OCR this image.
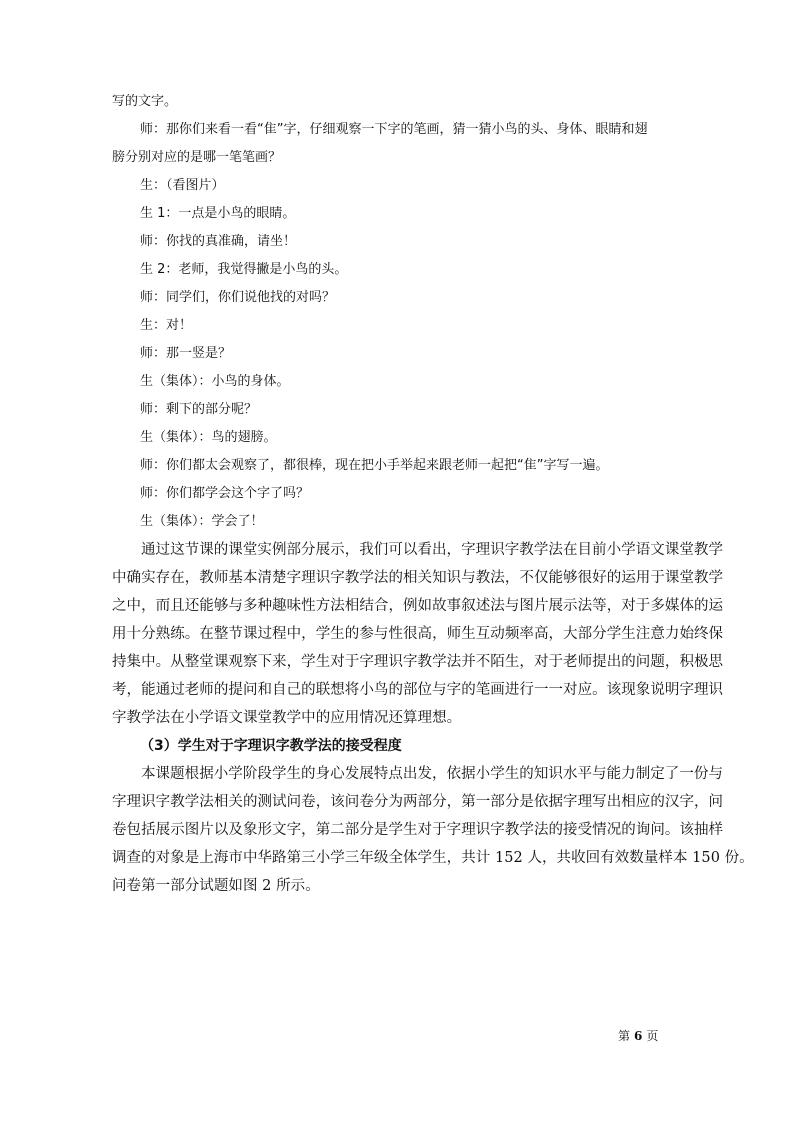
写的文字。
师：那你们来看一看“隹”字，仔细观察一下字的笔画，猜一猜小鸟的头、身体、眼睛和翅
膀分别对应的是哪一笔笔画？
生：（看图片）
生 1：一点是小鸟的眼睛。
师：你找的真准确，请坐！
生 2：老师，我觉得撇是小鸟的头。
师：同学们，你们说他找的对吗？
生：对！
师：那一竖是？
生（集体）：小鸟的身体。
师：剩下的部分呢？
生（集体）：鸟的翅膀。
师：你们都太会观察了，都很棒，现在把小手举起来跟老师一起把“隹”字写一遍。
师：你们都学会这个字了吗？
生（集体）：学会了！
通过这节课的课堂实例部分展示，我们可以看出，字理识字教学法在目前小学语文课堂教学
中确实存在，教师基本清楚字理识字教学法的相关知识与教法，不仅能够很好的运用于课堂教学
之中，而且还能够与多种趣味性方法相结合，例如故事叙述法与图片展示法等，对于多媒体的运
用十分熟练。在整节课过程中，学生的参与性很高，师生互动频率高，大部分学生注意力始终保
持集中。从整堂课观察下来，学生对于字理识字教学法并不陌生，对于老师提出的问题，积极思
考，能通过老师的提问和自己的联想将小鸟的部位与字的笔画进行一一对应。该现象说明字理识
字教学法在小学语文课堂教学中的应用情况还算理想。
（3）学生对于字理识字教学法的接受程度
本课题根据小学阶段学生的身心发展特点出发，依据小学生的知识水平与能力制定了一份与
字理识字教学法相关的测试问卷，该问卷分为两部分，第一部分是依据字理写出相应的汉字，问
卷包括展示图片以及象形文字，第二部分是学生对于字理识字教学法的接受情况的询问。该抽样
调查的对象是上海市中华路第三小学三年级全体学生，共计 152 人，共收回有效数量样本 150 份。
问卷第一部分试题如图 2 所示。
第 6 页
